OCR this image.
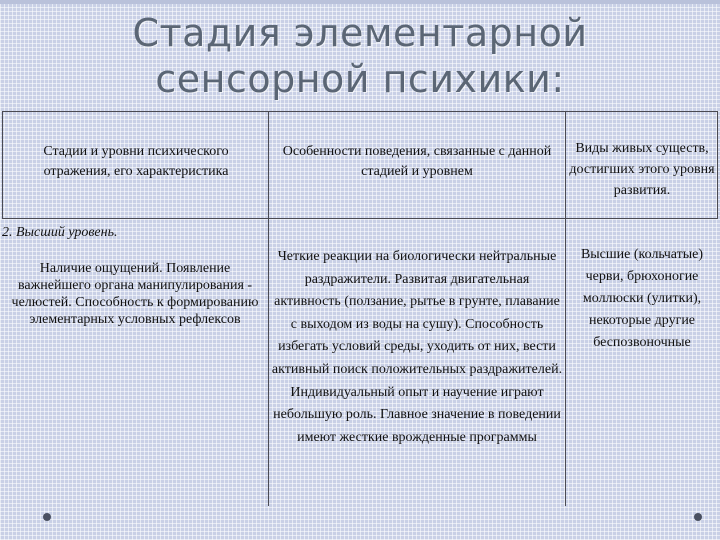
Стадия элементарной
сенсорной психики:
Стадии и уровни психического отражения, его характеристика
Особенности поведения, связанные с данной стадией и уровнем
Виды живых существ, достигших этого уровня развития.
2. Высший уровень.
Наличие ощущений. Появление важнейшего органа манипулирования - челюстей. Способность к формированию элементарных условных рефлексов
Четкие реакции на биологически нейтральные раздражители. Развитая двигательная активность (ползание, рытье в грунте, плавание с выходом из воды на сушу). Способность избегать условий среды, уходить от них, вести активный поиск положительных раздражителей. Индивидуальный опыт и научение играют небольшую роль. Главное значение в поведении имеют жесткие врожденные программы
Высшие (кольчатые) черви, брюхоногие моллюски (улитки), некоторые другие беспозвоночные
